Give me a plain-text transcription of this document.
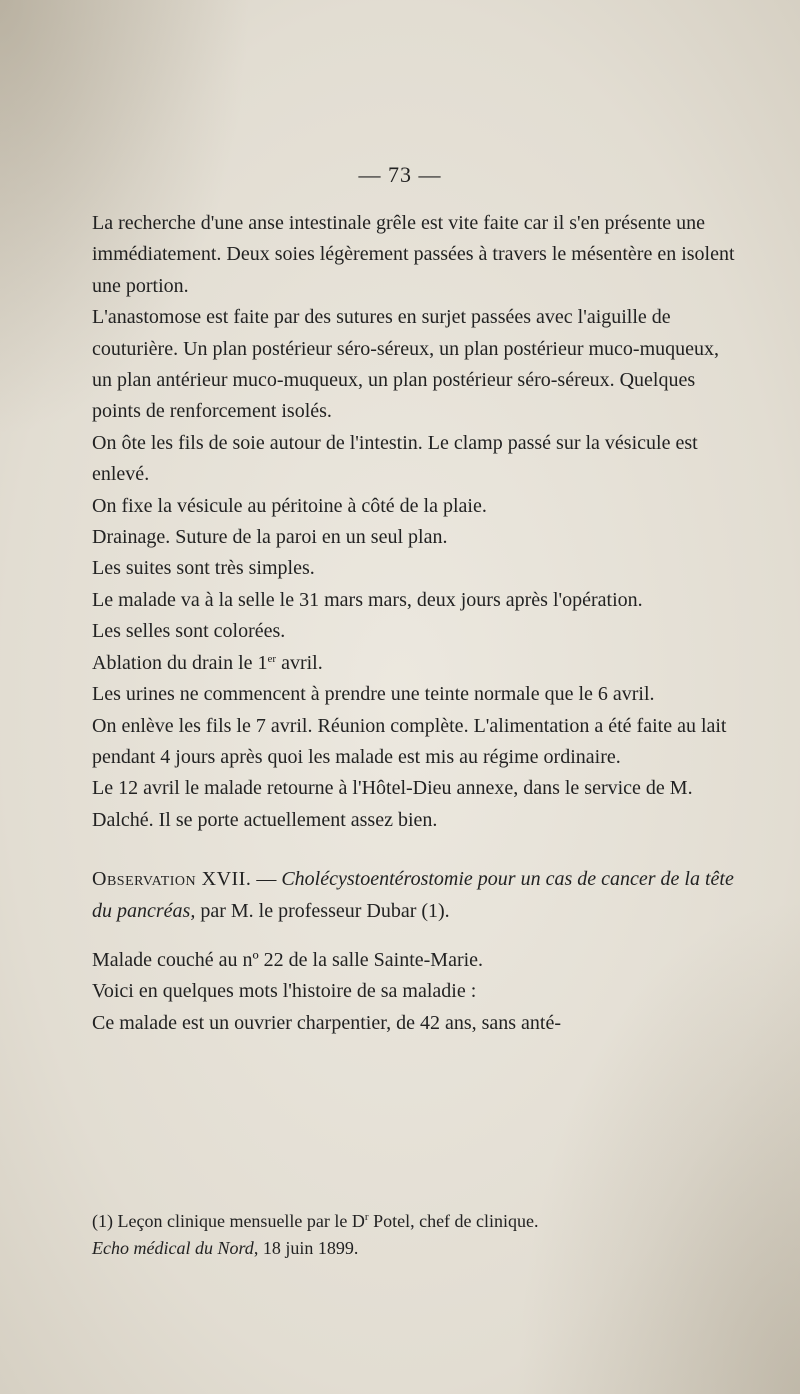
— 73 —

La recherche d'une anse intestinale grêle est vite faite car il s'en présente une immédiatement. Deux soies légèrement passées à travers le mésentère en isolent une portion.

L'anastomose est faite par des sutures en surjet passées avec l'aiguille de couturière. Un plan postérieur séro-séreux, un plan postérieur muco-muqueux, un plan antérieur muco-muqueux, un plan postérieur séro-séreux. Quelques points de renforcement isolés.

On ôte les fils de soie autour de l'intestin. Le clamp passé sur la vésicule est enlevé.

On fixe la vésicule au péritoine à côté de la plaie.

Drainage. Suture de la paroi en un seul plan.

Les suites sont très simples.

Le malade va à la selle le 31 mars mars, deux jours après l'opération.

Les selles sont colorées.

Ablation du drain le 1er avril.

Les urines ne commencent à prendre une teinte normale que le 6 avril.

On enlève les fils le 7 avril. Réunion complète. L'alimentation a été faite au lait pendant 4 jours après quoi les malade est mis au régime ordinaire.

Le 12 avril le malade retourne à l'Hôtel-Dieu annexe, dans le service de M. Dalché. Il se porte actuellement assez bien.

Observation XVII. — Cholécystoentérostomie pour un cas de cancer de la tête du pancréas, par M. le professeur Dubar (1).

Malade couché au nº 22 de la salle Sainte-Marie.

Voici en quelques mots l'histoire de sa maladie :

Ce malade est un ouvrier charpentier, de 42 ans, sans anté-

(1) Leçon clinique mensuelle par le $D^r$ Potel, chef de clinique.
Echo médical du Nord, 18 juin 1899.
